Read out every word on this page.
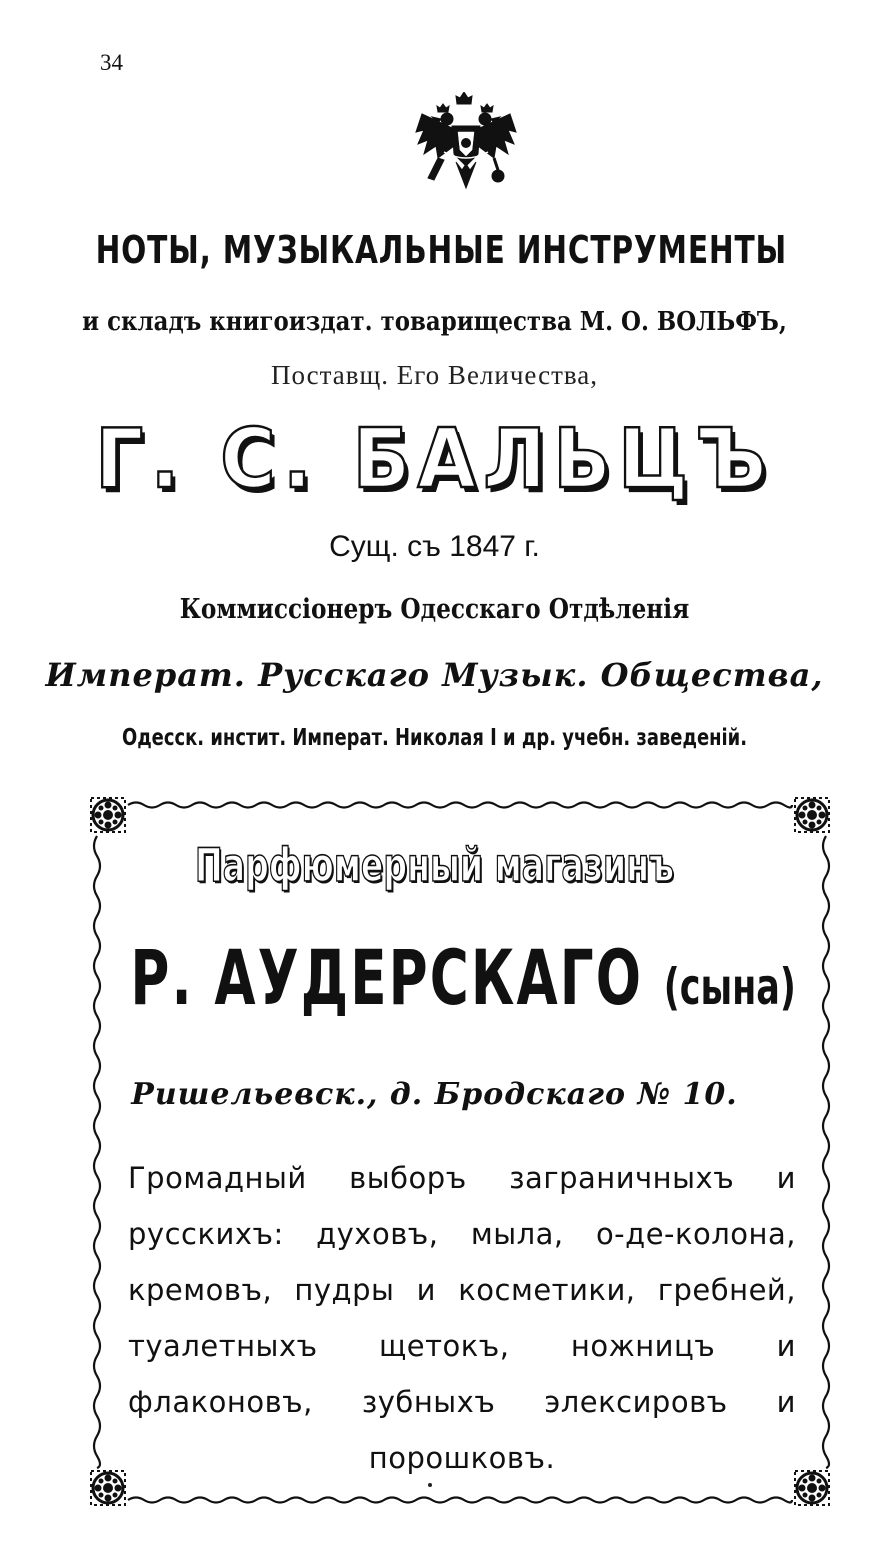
34
НОТЫ, МУЗЫКАЛЬНЫЕ ИНСТРУМЕНТЫ
и складъ книгоиздат. товарищества М. О. ВОЛЬФЪ,
Поставщ. Его Величества,
Г. С. БАЛЬЦЪ
Сущ. съ 1847 г.
Коммиссіонеръ Одесскаго Отдѣленія
Императ. Русскаго Музык. Общества,
Одесск. инстит. Императ. Николая I и др. учебн. заведеній.
Парфюмерный магазинъ
Р. АУДЕРСКАГО (сына)
Ришельевск., д. Бродскаго № 10.
Громадный выборъ заграничныхъ и русскихъ: духовъ, мыла, о-де-колона, кремовъ, пудры и косметики, гребней, туалетныхъ щетокъ, ножницъ и флаконовъ, зубныхъ элексировъ и порошковъ.
